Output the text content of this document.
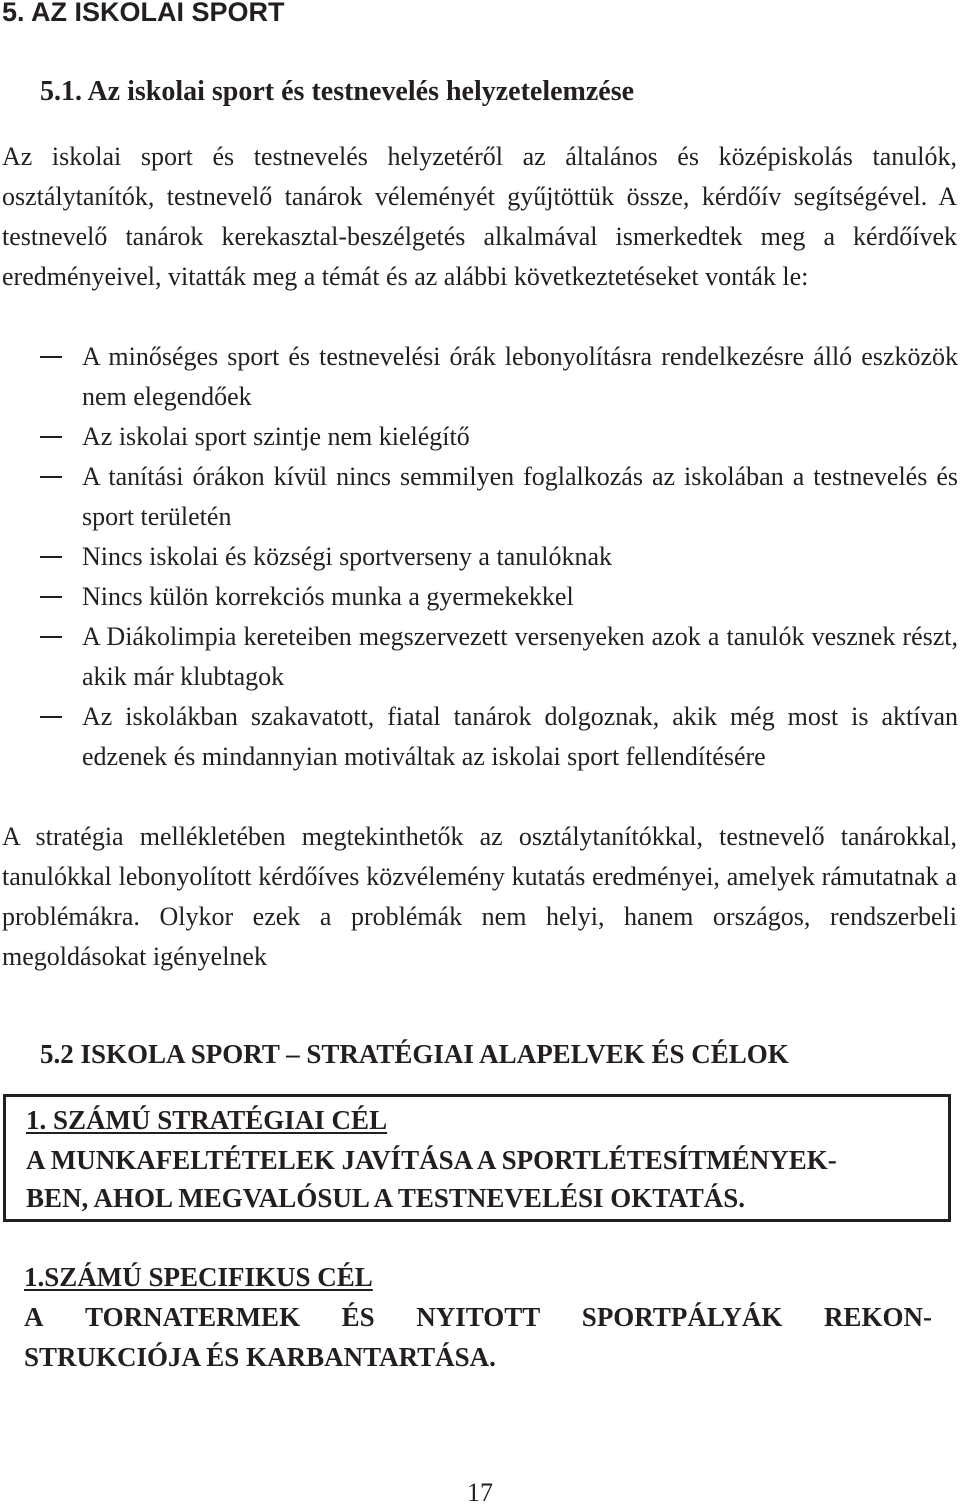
5. AZ ISKOLAI SPORT
5.1. Az iskolai sport és testnevelés helyzetelemzése

Az iskolai sport és testnevelés helyzetéről az általános és középiskolás tanulók, osztálytanítók, testnevelő tanárok véleményét gyűjtöttük össze, kérdőív segítségével. A testnevelő tanárok kerekasztal-beszélgetés alkalmával ismerkedtek meg a kérdőívek eredményeivel, vitatták meg a témát és az alábbi következtetéseket vonták le:

A minőséges sport és testnevelési órák lebonyolításra rendelkezésre álló eszközök nem elegendőek
Az iskolai sport szintje nem kielégítő
A tanítási órákon kívül nincs semmilyen foglalkozás az iskolában a testnevelés és sport területén
Nincs iskolai és községi sportverseny a tanulóknak
Nincs külön korrekciós munka a gyermekekkel
A Diákolimpia kereteiben megszervezett versenyeken azok a tanulók vesznek részt, akik már klubtagok
Az iskolákban szakavatott, fiatal tanárok dolgoznak, akik még most is aktívan edzenek és mindannyian motiváltak az iskolai sport fellendítésére

A stratégia mellékletében megtekinthetők az osztálytanítókkal, testnevelő tanárokkal, tanulókkal lebonyolított kérdőíves közvélemény kutatás eredményei, amelyek rámutatnak a problémákra. Olykor ezek a problémák nem helyi, hanem országos, rendszerbeli megoldásokat igényelnek

5.2 ISKOLA SPORT – STRATÉGIAI ALAPELVEK ÉS CÉLOK
1. SZÁMÚ STRATÉGIAI CÉL
A MUNKAFELTÉTELEK JAVÍTÁSA A SPORTLÉTESÍTMÉNYEK-
BEN, AHOL MEGVALÓSUL A TESTNEVELÉSI OKTATÁS.
1.SZÁMÚ SPECIFIKUS CÉL
A TORNATERMEK ÉS NYITOTT SPORTPÁLYÁK REKON-
STRUKCIÓJA ÉS KARBANTARTÁSA.
17
